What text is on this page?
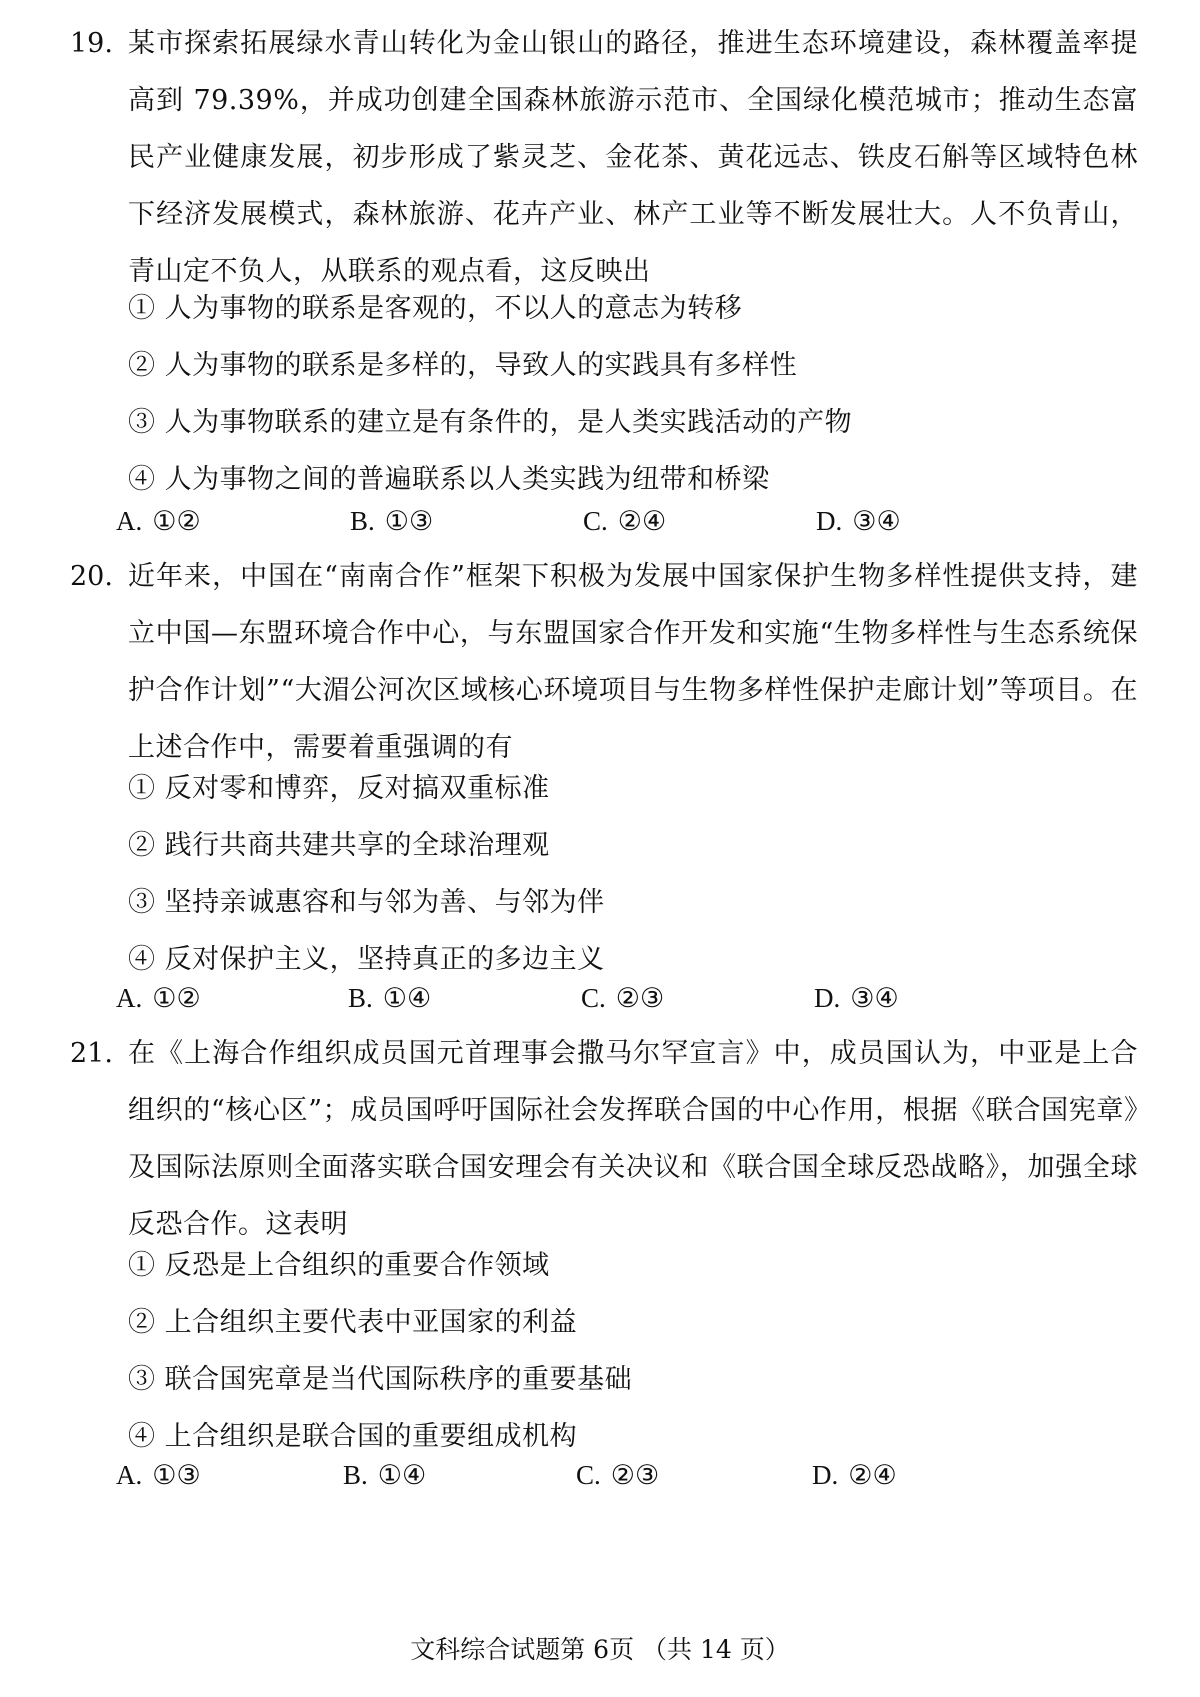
19. 某市探索拓展绿水青山转化为金山银山的路径，推进生态环境建设，森林覆盖率提高到 79.39%，并成功创建全国森林旅游示范市、全国绿化模范城市；推动生态富民产业健康发展，初步形成了紫灵芝、金花茶、黄花远志、铁皮石斛等区域特色林下经济发展模式，森林旅游、花卉产业、林产工业等不断发展壮大。人不负青山，青山定不负人，从联系的观点看，这反映出
① 人为事物的联系是客观的，不以人的意志为转移
② 人为事物的联系是多样的，导致人的实践具有多样性
③ 人为事物联系的建立是有条件的，是人类实践活动的产物
④ 人为事物之间的普遍联系以人类实践为纽带和桥梁
A. ①②	B. ①③	C. ②④	D. ③④
20. 近年来，中国在“南南合作”框架下积极为发展中国家保护生物多样性提供支持，建立中国—东盟环境合作中心，与东盟国家合作开发和实施“生物多样性与生态系统保护合作计划”“大湄公河次区域核心环境项目与生物多样性保护走廊计划”等项目。在上述合作中，需要着重强调的有
① 反对零和博弈，反对搞双重标准
② 践行共商共建共享的全球治理观
③ 坚持亲诚惠容和与邻为善、与邻为伴
④ 反对保护主义，坚持真正的多边主义
A. ①②	B. ①④	C. ②③	D. ③④
21. 在《上海合作组织成员国元首理事会撒马尔罕宣言》中，成员国认为，中亚是上合组织的“核心区”；成员国呼吁国际社会发挥联合国的中心作用，根据《联合国宪章》及国际法原则全面落实联合国安理会有关决议和《联合国全球反恐战略》，加强全球反恐合作。这表明
① 反恐是上合组织的重要合作领域
② 上合组织主要代表中亚国家的利益
③ 联合国宪章是当代国际秩序的重要基础
④ 上合组织是联合国的重要组成机构
A. ①③	B. ①④	C. ②③	D. ②④
文科综合试题第 6页 （共 14 页）
